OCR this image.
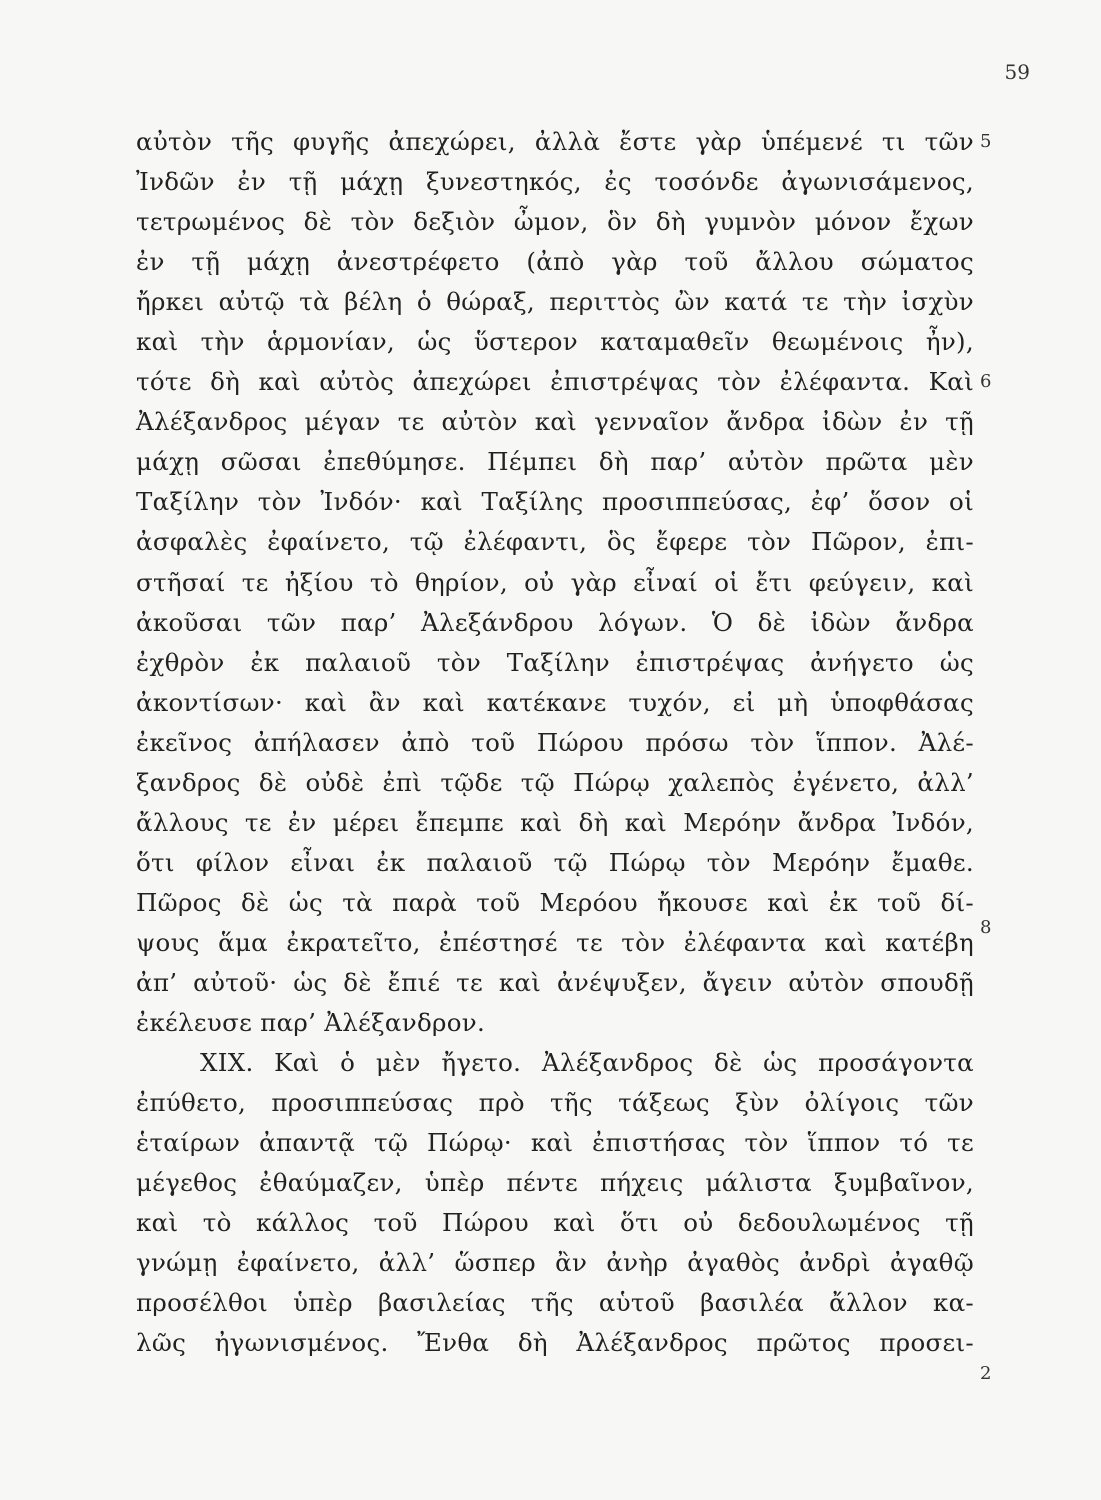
59
αὐτὸν τῆς φυγῆς ἀπεχώρει, ἀλλὰ ἔστε γὰρ ὑπέμενέ τι τῶν
Ἰνδῶν ἐν τῇ μάχῃ ξυνεστηκός, ἐς τοσόνδε ἀγωνισάμενος,
τετρωμένος δὲ τὸν δεξιὸν ὦμον, ὃν δὴ γυμνὸν μόνον ἔχων
ἐν τῇ μάχῃ ἀνεστρέφετο (ἀπὸ γὰρ τοῦ ἄλλου σώματος
ἤρκει αὐτῷ τὰ βέλη ὁ θώραξ, περιττὸς ὢν κατά τε τὴν ἰσχὺν
καὶ τὴν ἁρμονίαν, ὡς ὕστερον καταμαθεῖν θεωμένοις ἦν),
τότε δὴ καὶ αὐτὸς ἀπεχώρει ἐπιστρέψας τὸν ἐλέφαντα. Καὶ
Ἀλέξανδρος μέγαν τε αὐτὸν καὶ γενναῖον ἄνδρα ἰδὼν ἐν τῇ
μάχῃ σῶσαι ἐπεθύμησε. Πέμπει δὴ παρ’ αὐτὸν πρῶτα μὲν
Ταξίλην τὸν Ἰνδόν· καὶ Ταξίλης προσιππεύσας, ἐφ’ ὅσον οἱ
ἀσφαλὲς ἐφαίνετο, τῷ ἐλέφαντι, ὃς ἔφερε τὸν Πῶρον, ἐπι-
στῆσαί τε ἠξίου τὸ θηρίον, οὐ γὰρ εἶναί οἱ ἔτι φεύγειν, καὶ
ἀκοῦσαι τῶν παρ’ Ἀλεξάνδρου λόγων. Ὁ δὲ ἰδὼν ἄνδρα
ἐχθρὸν ἐκ παλαιοῦ τὸν Ταξίλην ἐπιστρέψας ἀνήγετο ὡς
ἀκοντίσων· καὶ ἂν καὶ κατέκανε τυχόν, εἰ μὴ ὑποφθάσας
ἐκεῖνος ἀπήλασεν ἀπὸ τοῦ Πώρου πρόσω τὸν ἵππον. Ἀλέ-
ξανδρος δὲ οὐδὲ ἐπὶ τῷδε τῷ Πώρῳ χαλεπὸς ἐγένετο, ἀλλ’
ἄλλους τε ἐν μέρει ἔπεμπε καὶ δὴ καὶ Μερόην ἄνδρα Ἰνδόν,
ὅτι φίλον εἶναι ἐκ παλαιοῦ τῷ Πώρῳ τὸν Μερόην ἔμαθε.
Πῶρος δὲ ὡς τὰ παρὰ τοῦ Μερόου ἤκουσε καὶ ἐκ τοῦ δί-
ψους ἅμα ἐκρατεῖτο, ἐπέστησέ τε τὸν ἐλέφαντα καὶ κατέβη
ἀπ’ αὐτοῦ· ὡς δὲ ἔπιέ τε καὶ ἀνέψυξεν, ἄγειν αὐτὸν σπουδῇ
ἐκέλευσε παρ’ Ἀλέξανδρον.
XIX. Καὶ ὁ μὲν ἤγετο. Ἀλέξανδρος δὲ ὡς προσάγοντα
ἐπύθετο, προσιππεύσας πρὸ τῆς τάξεως ξὺν ὀλίγοις τῶν
ἑταίρων ἀπαντᾷ τῷ Πώρῳ· καὶ ἐπιστήσας τὸν ἵππον τό τε
μέγεθος ἐθαύμαζεν, ὑπὲρ πέντε πήχεις μάλιστα ξυμβαῖνον,
καὶ τὸ κάλλος τοῦ Πώρου καὶ ὅτι οὐ δεδουλωμένος τῇ
γνώμῃ ἐφαίνετο, ἀλλ’ ὥσπερ ἂν ἀνὴρ ἀγαθὸς ἀνδρὶ ἀγαθῷ
προσέλθοι ὑπὲρ βασιλείας τῆς αὑτοῦ βασιλέα ἄλλον κα-
λῶς ἠγωνισμένος. Ἔνθα δὴ Ἀλέξανδρος πρῶτος προσει-
5
6
8
2
